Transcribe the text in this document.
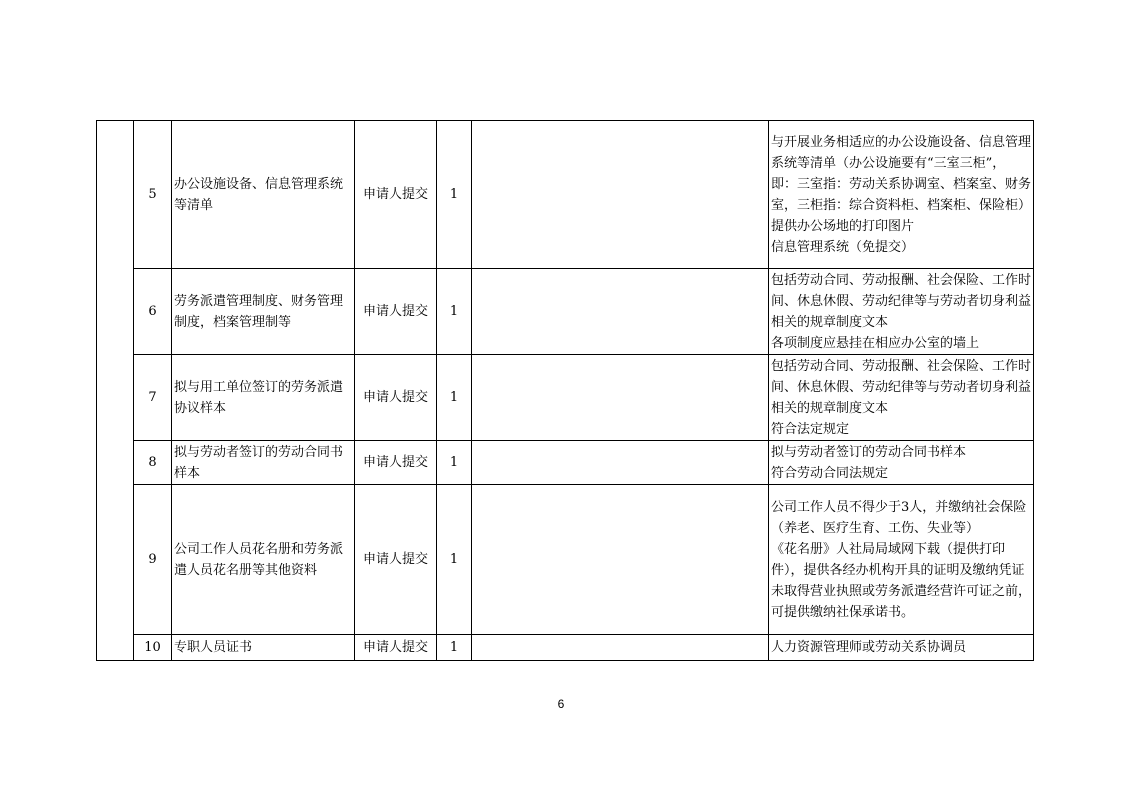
	5	办公设施设备、信息管理系统等清单	申请人提交	1		与开展业务相适应的办公设施设备、信息管理系统等清单（办公设施要有“三室三柜”，即：三室指：劳动关系协调室、档案室、财务室，三柜指：综合资料柜、档案柜、保险柜）
提供办公场地的打印图片
信息管理系统（免提交）

	6	劳务派遣管理制度、财务管理制度，档案管理制等	申请人提交	1		包括劳动合同、劳动报酬、社会保险、工作时间、休息休假、劳动纪律等与劳动者切身利益相关的规章制度文本
各项制度应悬挂在相应办公室的墙上

	7	拟与用工单位签订的劳务派遣协议样本	申请人提交	1		包括劳动合同、劳动报酬、社会保险、工作时间、休息休假、劳动纪律等与劳动者切身利益相关的规章制度文本
符合法定规定

	8	拟与劳动者签订的劳动合同书样本	申请人提交	1		拟与劳动者签订的劳动合同书样本
符合劳动合同法规定

	9	公司工作人员花名册和劳务派遣人员花名册等其他资料	申请人提交	1		公司工作人员不得少于3人，并缴纳社会保险（养老、医疗生育、工伤、失业等）
《花名册》人社局局域网下载（提供打印件），提供各经办机构开具的证明及缴纳凭证
未取得营业执照或劳务派遣经营许可证之前，可提供缴纳社保承诺书。

	10	专职人员证书	申请人提交	1		人力资源管理师或劳动关系协调员
6
